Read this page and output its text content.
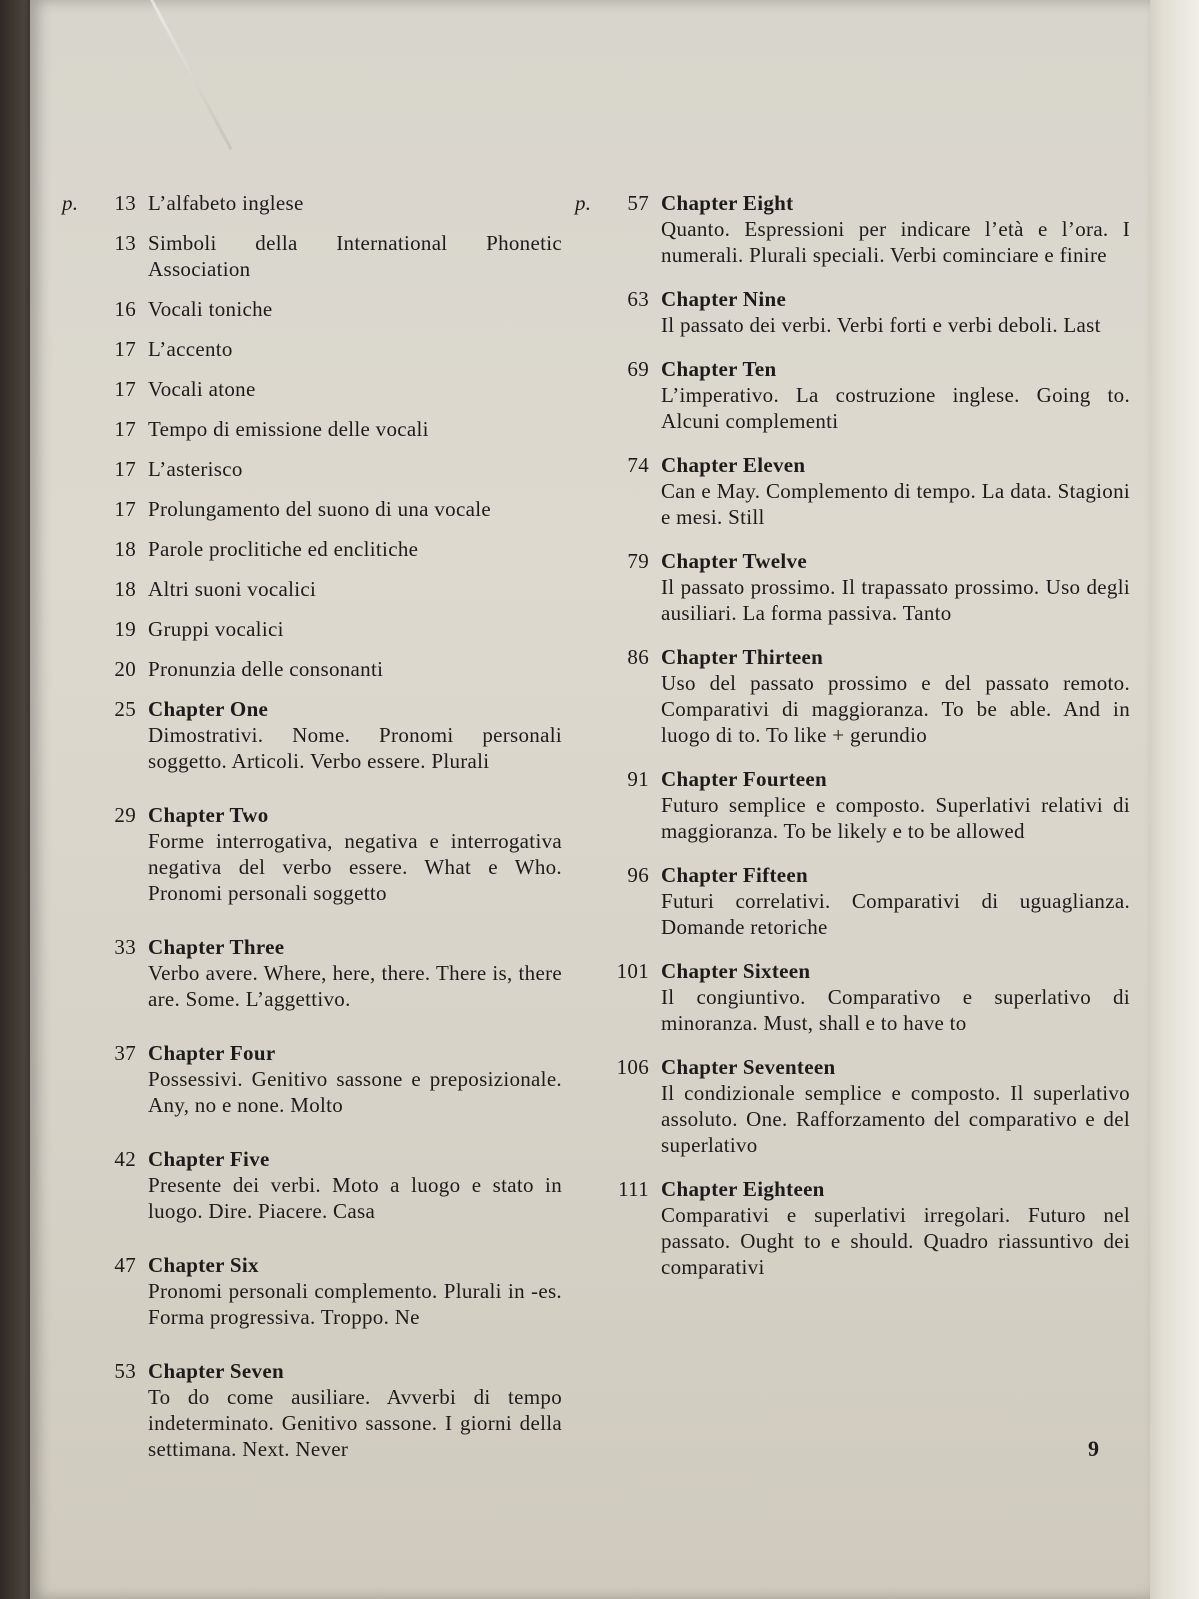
p.	13 L’alfabeto inglese
13 Simboli della International Phonetic Association
16 Vocali toniche
17 L’accento
17 Vocali atone
17 Tempo di emissione delle vocali
17 L’asterisco
17 Prolungamento del suono di una vocale
18 Parole proclitiche ed enclitiche
18 Altri suoni vocalici
19 Gruppi vocalici
20 Pronunzia delle consonanti
25 Chapter One
Dimostrativi. Nome. Pronomi personali soggetto. Articoli. Verbo essere. Plurali
29 Chapter Two
Forme interrogativa, negativa e interrogativa negativa del verbo essere. What e Who. Pronomi personali soggetto
33 Chapter Three
Verbo avere. Where, here, there. There is, there are. Some. L’aggettivo.
37 Chapter Four
Possessivi. Genitivo sassone e preposizionale. Any, no e none. Molto
42 Chapter Five
Presente dei verbi. Moto a luogo e stato in luogo. Dire. Piacere. Casa
47 Chapter Six
Pronomi personali complemento. Plurali in -es. Forma progressiva. Troppo. Ne
53 Chapter Seven
To do come ausiliare. Avverbi di tempo indeterminato. Genitivo sassone. I giorni della settimana. Next. Never
p.	57 Chapter Eight
Quanto. Espressioni per indicare l’età e l’ora. I numerali. Plurali speciali. Verbi cominciare e finire
63 Chapter Nine
Il passato dei verbi. Verbi forti e verbi deboli. Last
69 Chapter Ten
L’imperativo. La costruzione inglese. Going to. Alcuni complementi
74 Chapter Eleven
Can e May. Complemento di tempo. La data. Stagioni e mesi. Still
79 Chapter Twelve
Il passato prossimo. Il trapassato prossimo. Uso degli ausiliari. La forma passiva. Tanto
86 Chapter Thirteen
Uso del passato prossimo e del passato remoto. Comparativi di maggioranza. To be able. And in luogo di to. To like + gerundio
91 Chapter Fourteen
Futuro semplice e composto. Superlativi relativi di maggioranza. To be likely e to be allowed
96 Chapter Fifteen
Futuri correlativi. Comparativi di uguaglianza. Domande retoriche
101 Chapter Sixteen
Il congiuntivo. Comparativo e superlativo di minoranza. Must, shall e to have to
106 Chapter Seventeen
Il condizionale semplice e composto. Il superlativo assoluto. One. Rafforzamento del comparativo e del superlativo
111 Chapter Eighteen
Comparativi e superlativi irregolari. Futuro nel passato. Ought to e should. Quadro riassuntivo dei comparativi
9
